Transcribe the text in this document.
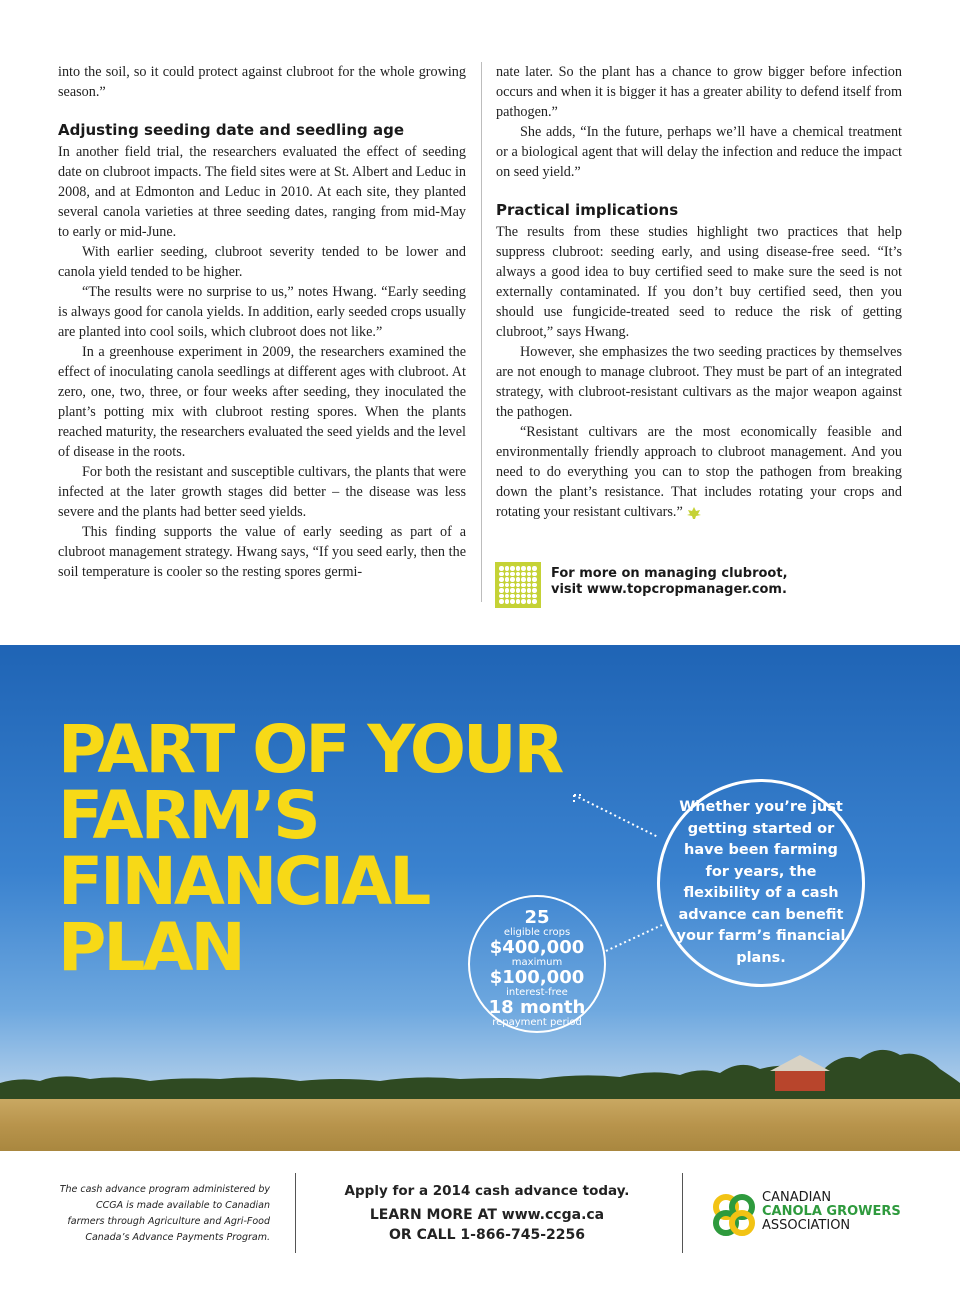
into the soil, so it could protect against clubroot for the whole growing season.”

Adjusting seeding date and seedling age

In another field trial, the researchers evaluated the effect of seeding date on clubroot impacts. The field sites were at St. Albert and Leduc in 2008, and at Edmonton and Leduc in 2010. At each site, they planted several canola varieties at three seeding dates, ranging from mid-May to early or mid-June.

With earlier seeding, clubroot severity tended to be lower and canola yield tended to be higher.

“The results were no surprise to us,” notes Hwang. “Early seeding is always good for canola yields. In addition, early seeded crops usually are planted into cool soils, which clubroot does not like.”

In a greenhouse experiment in 2009, the researchers examined the effect of inoculating canola seedlings at different ages with clubroot. At zero, one, two, three, or four weeks after seeding, they inoculated the plant’s potting mix with clubroot resting spores. When the plants reached maturity, the researchers evaluated the seed yields and the level of disease in the roots.

For both the resistant and susceptible cultivars, the plants that were infected at the later growth stages did better – the disease was less severe and the plants had better seed yields.

This finding supports the value of early seeding as part of a clubroot management strategy. Hwang says, “If you seed early, then the soil temperature is cooler so the resting spores germi-

nate later. So the plant has a chance to grow bigger before infection occurs and when it is bigger it has a greater ability to defend itself from pathogen.”

She adds, “In the future, perhaps we’ll have a chemical treatment or a biological agent that will delay the infection and reduce the impact on seed yield.”

Practical implications

The results from these studies highlight two practices that help suppress clubroot: seeding early, and using disease-free seed. “It’s always a good idea to buy certified seed to make sure the seed is not externally contaminated. If you don’t buy certified seed, then you should use fungicide-treated seed to reduce the risk of getting clubroot,” says Hwang.

However, she emphasizes the two seeding practices by themselves are not enough to manage clubroot. They must be part of an integrated strategy, with clubroot-resistant cultivars as the major weapon against the pathogen.

“Resistant cultivars are the most economically feasible and environmentally friendly approach to clubroot management. And you need to do everything you can to stop the pathogen from breaking down the plant’s resistance. That includes rotating your crops and rotating your resistant cultivars.”

For more on managing clubroot,
visit www.topcropmanager.com.
PART OF YOUR
FARM’S
FINANCIAL
PLAN
Whether you’re just getting started or have been farming for years, the flexibility of a cash advance can benefit your farm’s financial plans.
25
eligible crops
$400,000
maximum
$100,000
interest-free
18 month
repayment period
The cash advance program administered by CCGA is made available to Canadian farmers through Agriculture and Agri-Food Canada’s Advance Payments Program.
Apply for a 2014 cash advance today.
LEARN MORE AT www.ccga.ca
OR CALL 1-866-745-2256
CANADIAN
CANOLA GROWERS
ASSOCIATION
